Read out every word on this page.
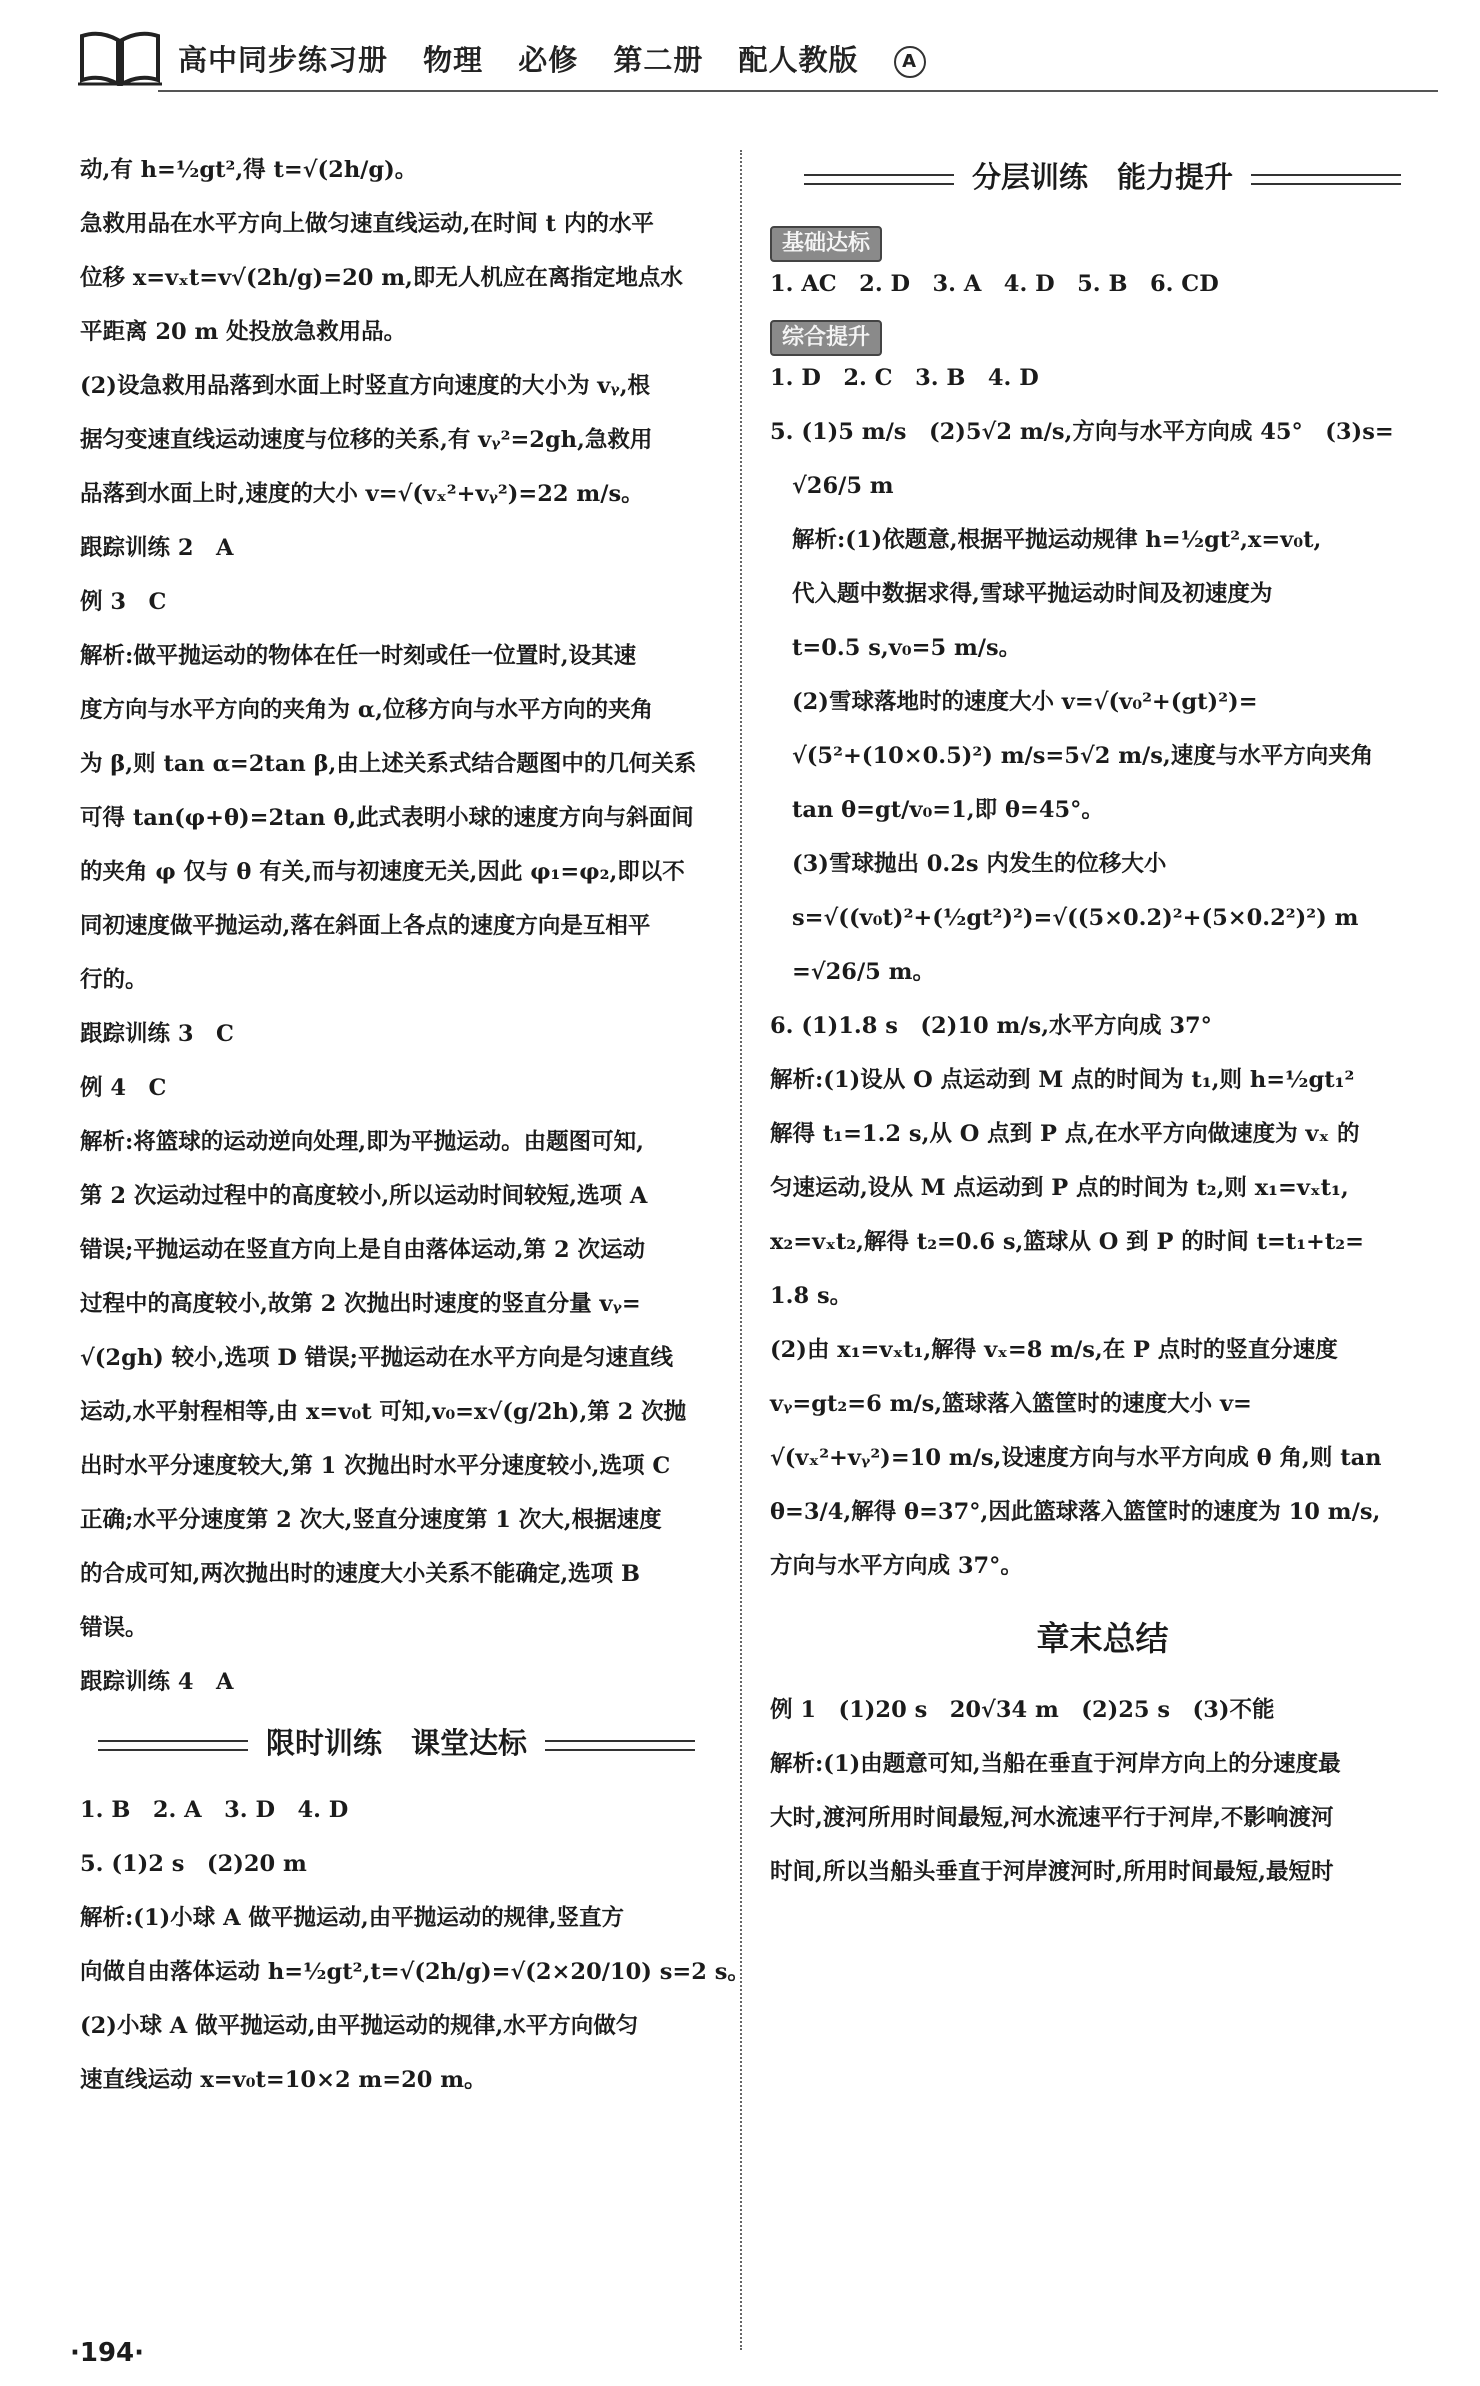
高中同步练习册 物理 必修 第二册 配人教版 A
动,有 h=½gt²,得 t=√(2h/g)。
急救用品在水平方向上做匀速直线运动,在时间 t 内的水平
位移 x=vₓt=v√(2h/g)=20 m,即无人机应在离指定地点水
平距离 20 m 处投放急救用品。
(2)设急救用品落到水面上时竖直方向速度的大小为 vᵧ,根
据匀变速直线运动速度与位移的关系,有 vᵧ²=2gh,急救用
品落到水面上时,速度的大小 v=√(vₓ²+vᵧ²)=22 m/s。
跟踪训练 2　A
例 3　C
解析:做平抛运动的物体在任一时刻或任一位置时,设其速
度方向与水平方向的夹角为 α,位移方向与水平方向的夹角
为 β,则 tan α=2tan β,由上述关系式结合题图中的几何关系
可得 tan(φ+θ)=2tan θ,此式表明小球的速度方向与斜面间
的夹角 φ 仅与 θ 有关,而与初速度无关,因此 φ₁=φ₂,即以不
同初速度做平抛运动,落在斜面上各点的速度方向是互相平
行的。
跟踪训练 3　C
例 4　C
解析:将篮球的运动逆向处理,即为平抛运动。由题图可知,
第 2 次运动过程中的高度较小,所以运动时间较短,选项 A
错误;平抛运动在竖直方向上是自由落体运动,第 2 次运动
过程中的高度较小,故第 2 次抛出时速度的竖直分量 vᵧ=
√(2gh) 较小,选项 D 错误;平抛运动在水平方向是匀速直线
运动,水平射程相等,由 x=v₀t 可知,v₀=x√(g/2h),第 2 次抛
出时水平分速度较大,第 1 次抛出时水平分速度较小,选项 C
正确;水平分速度第 2 次大,竖直分速度第 1 次大,根据速度
的合成可知,两次抛出时的速度大小关系不能确定,选项 B
错误。
跟踪训练 4　A
限时训练　课堂达标
1. B　2. A　3. D　4. D
5. (1)2 s　(2)20 m
解析:(1)小球 A 做平抛运动,由平抛运动的规律,竖直方
向做自由落体运动 h=½gt²,t=√(2h/g)=√(2×20/10) s=2 s。
(2)小球 A 做平抛运动,由平抛运动的规律,水平方向做匀
速直线运动 x=v₀t=10×2 m=20 m。
分层训练　能力提升
基础达标
1. AC　2. D　3. A　4. D　5. B　6. CD
综合提升
1. D　2. C　3. B　4. D
5. (1)5 m/s　(2)5√2 m/s,方向与水平方向成 45°　(3)s=
√26/5 m
解析:(1)依题意,根据平抛运动规律 h=½gt²,x=v₀t,
代入题中数据求得,雪球平抛运动时间及初速度为
t=0.5 s,v₀=5 m/s。
(2)雪球落地时的速度大小 v=√(v₀²+(gt)²)=
√(5²+(10×0.5)²) m/s=5√2 m/s,速度与水平方向夹角
tan θ=gt/v₀=1,即 θ=45°。
(3)雪球抛出 0.2s 内发生的位移大小
s=√((v₀t)²+(½gt²)²)=√((5×0.2)²+(5×0.2²)²) m
=√26/5 m。
6. (1)1.8 s　(2)10 m/s,水平方向成 37°
解析:(1)设从 O 点运动到 M 点的时间为 t₁,则 h=½gt₁²
解得 t₁=1.2 s,从 O 点到 P 点,在水平方向做速度为 vₓ 的
匀速运动,设从 M 点运动到 P 点的时间为 t₂,则 x₁=vₓt₁,
x₂=vₓt₂,解得 t₂=0.6 s,篮球从 O 到 P 的时间 t=t₁+t₂=
1.8 s。
(2)由 x₁=vₓt₁,解得 vₓ=8 m/s,在 P 点时的竖直分速度
vᵧ=gt₂=6 m/s,篮球落入篮筐时的速度大小 v=
√(vₓ²+vᵧ²)=10 m/s,设速度方向与水平方向成 θ 角,则 tan
θ=3/4,解得 θ=37°,因此篮球落入篮筐时的速度为 10 m/s,
方向与水平方向成 37°。
章末总结
例 1　(1)20 s　20√34 m　(2)25 s　(3)不能
解析:(1)由题意可知,当船在垂直于河岸方向上的分速度最
大时,渡河所用时间最短,河水流速平行于河岸,不影响渡河
时间,所以当船头垂直于河岸渡河时,所用时间最短,最短时
·194·
